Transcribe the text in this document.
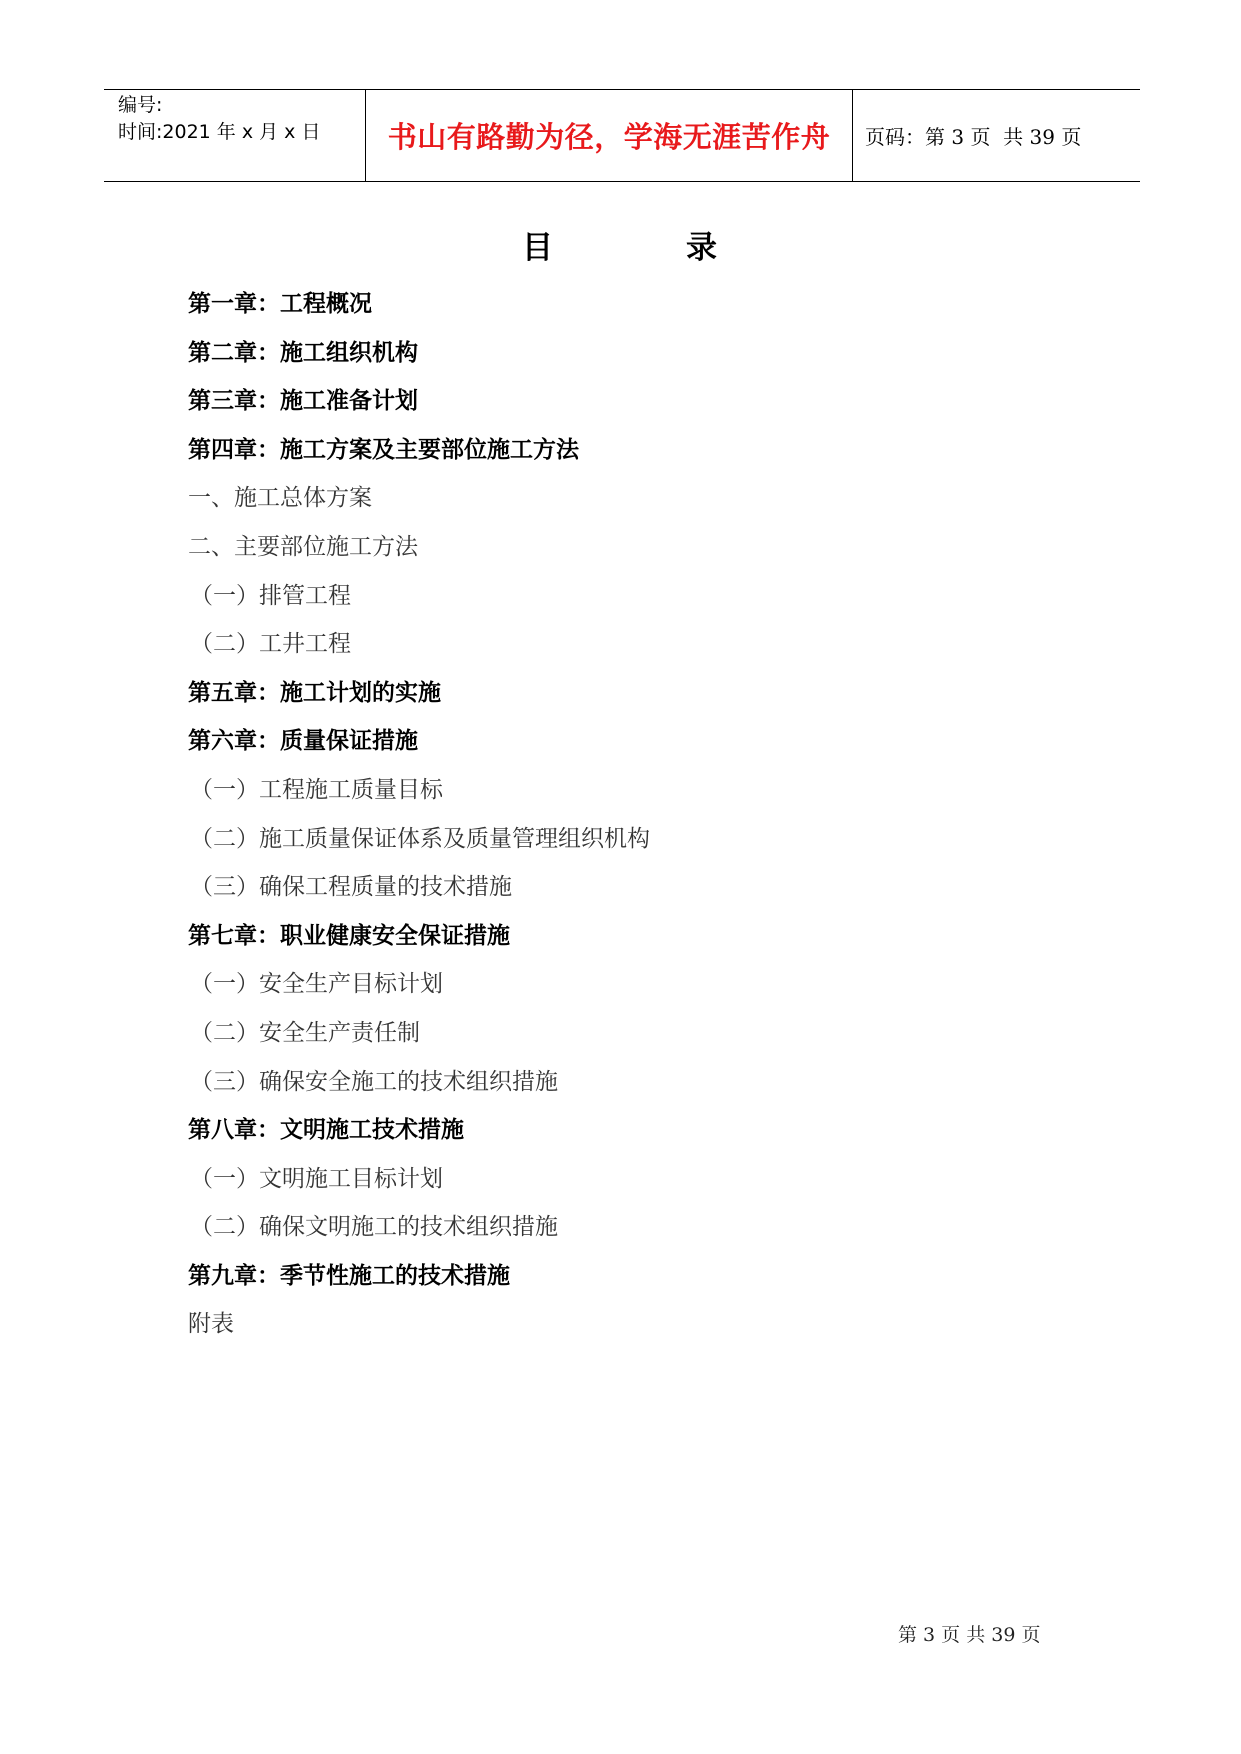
编号:
时间:2021 年 x 月 x 日	书山有路勤为径，学海无涯苦作舟 页码：第 3 页  共 39 页
目	录
第一章：工程概况
第二章：施工组织机构
第三章：施工准备计划
第四章：施工方案及主要部位施工方法
一、施工总体方案
二、主要部位施工方法
（一）排管工程
（二）工井工程
第五章：施工计划的实施
第六章：质量保证措施
（一）工程施工质量目标
（二）施工质量保证体系及质量管理组织机构
（三）确保工程质量的技术措施
第七章：职业健康安全保证措施
（一）安全生产目标计划
（二）安全生产责任制
（三）确保安全施工的技术组织措施
第八章：文明施工技术措施
（一）文明施工目标计划
（二）确保文明施工的技术组织措施
第九章：季节性施工的技术措施
附表
第 3 页 共 39 页
